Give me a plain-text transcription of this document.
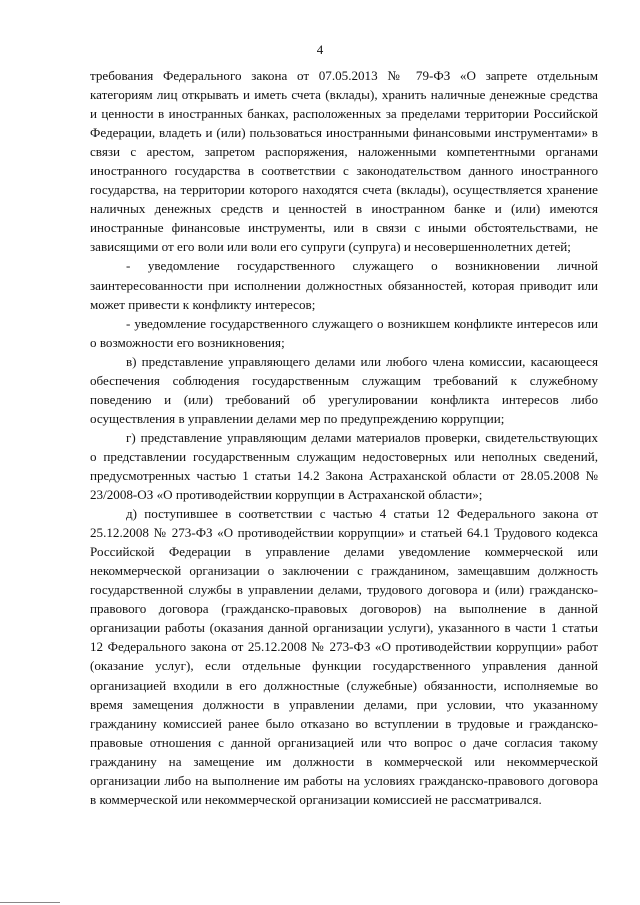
4

требования Федерального закона от 07.05.2013 № 79-ФЗ «О запрете отдельным категориям лиц открывать и иметь счета (вклады), хранить наличные денежные средства и ценности в иностранных банках, расположенных за пределами территории Российской Федерации, владеть и (или) пользоваться иностранными финансовыми инструментами» в связи с арестом, запретом распоряжения, наложенными компетентными органами иностранного государства в соответствии с законодательством данного иностранного государства, на территории которого находятся счета (вклады), осуществляется хранение наличных денежных средств и ценностей в иностранном банке и (или) имеются иностранные финансовые инструменты, или в связи с иными обстоятельствами, не зависящими от его воли или воли его супруги (супруга) и несовершеннолетних детей;

- уведомление государственного служащего о возникновении личной заинтересованности при исполнении должностных обязанностей, которая приводит или может привести к конфликту интересов;

- уведомление государственного служащего о возникшем конфликте интересов или о возможности его возникновения;

в) представление управляющего делами или любого члена комиссии, касающееся обеспечения соблюдения государственным служащим требований к служебному поведению и (или) требований об урегулировании конфликта интересов либо осуществления в управлении делами мер по предупреждению коррупции;

г) представление управляющим делами материалов проверки, свидетельствующих о представлении государственным служащим недостоверных или неполных сведений, предусмотренных частью 1 статьи 14.2 Закона Астраханской области от 28.05.2008 № 23/2008-ОЗ «О противодействии коррупции в Астраханской области»;

д) поступившее в соответствии с частью 4 статьи 12 Федерального закона от 25.12.2008 № 273-ФЗ «О противодействии коррупции» и статьей 64.1 Трудового кодекса Российской Федерации в управление делами уведомление коммерческой или некоммерческой организации о заключении с гражданином, замещавшим должность государственной службы в управлении делами, трудового договора и (или) гражданско-правового договора (гражданско-правовых договоров) на выполнение в данной организации работы (оказания данной организации услуги), указанного в части 1 статьи 12 Федерального закона от 25.12.2008 № 273-ФЗ «О противодействии коррупции» работ (оказание услуг), если отдельные функции государственного управления данной организацией входили в его должностные (служебные) обязанности, исполняемые во время замещения должности в управлении делами, при условии, что указанному гражданину комиссией ранее было отказано во вступлении в трудовые и гражданско-правовые отношения с данной организацией или что вопрос о даче согласия такому гражданину на замещение им должности в коммерческой или некоммерческой организации либо на выполнение им работы на условиях гражданско-правового договора в коммерческой или некоммерческой организации комиссией не рассматривался.
